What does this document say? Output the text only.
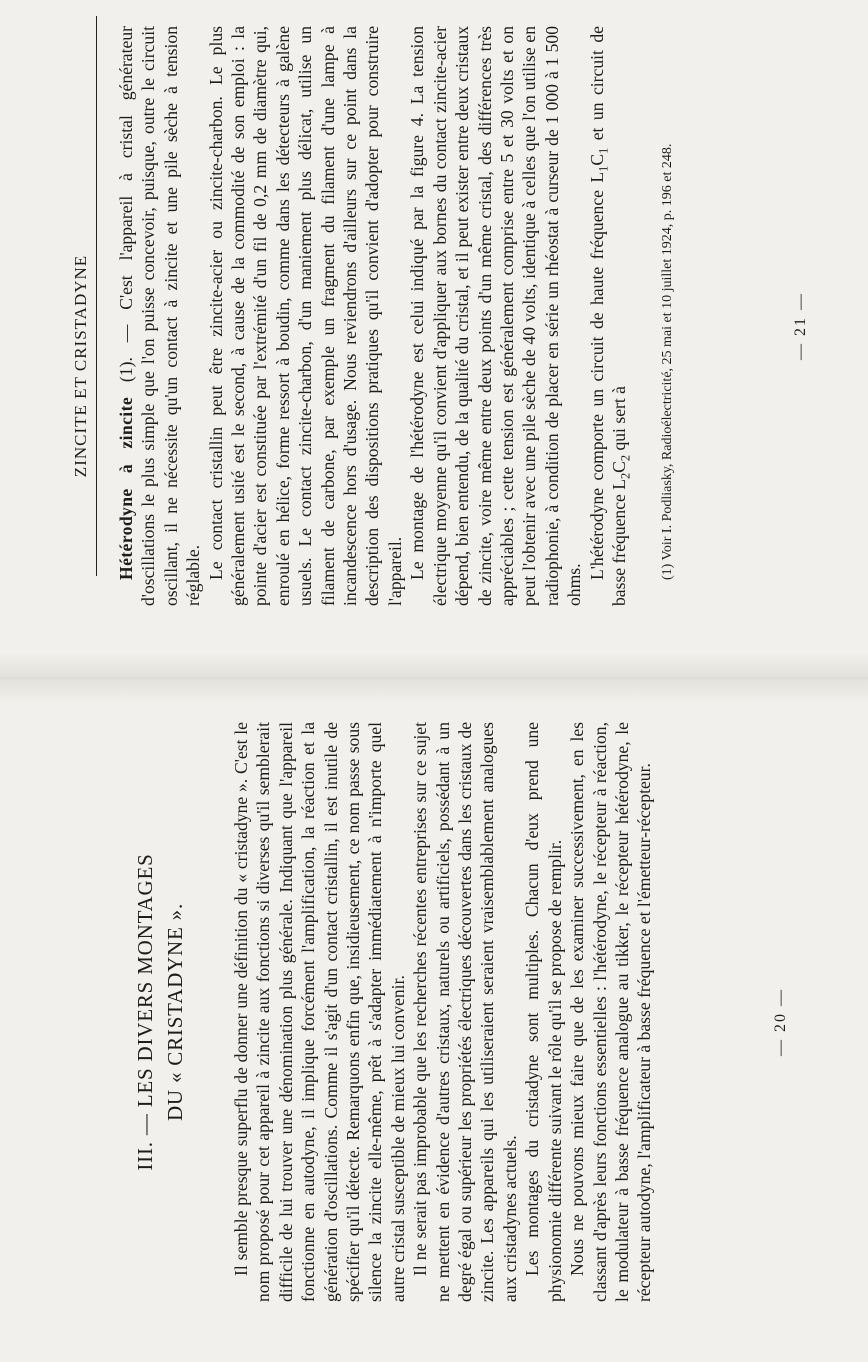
ZINCITE ET CRISTADYNE

Hétérodyne à zincite (1). — C'est l'appareil à cristal générateur d'oscillations le plus simple que l'on puisse concevoir, puisque, outre le circuit oscillant, il ne nécessite qu'un contact à zincite et une pile sèche à tension réglable. Le contact cristallin peut être zincite-acier ou zincite-charbon. Le plus généralement usité est le second, à cause de la commodité de son emploi : la pointe d'acier est constituée par l'extrémité d'un fil de 0,2 mm de diamètre qui, enroulé en hélice, forme ressort à boudin, comme dans les détecteurs à galène usuels. Le contact zincite-charbon, d'un maniement plus délicat, utilise un filament de carbone, par exemple un fragment du filament d'une lampe à incandescence hors d'usage. Nous reviendrons d'ailleurs sur ce point dans la description des dispositions pratiques qu'il convient d'adopter pour construire l'appareil. Le montage de l'hétérodyne est celui indiqué par la figure 4. La tension électrique moyenne qu'il convient d'appliquer aux bornes du contact zincite-acier dépend, bien entendu, de la qualité du cristal, et il peut exister entre deux cristaux de zincite, voire même entre deux points d'un même cristal, des différences très appréciables ; cette tension est généralement comprise entre 5 et 30 volts et on peut l'obtenir avec une pile sèche de 40 volts, identique à celles que l'on utilise en radiophonie, à condition de placer en série un rhéostat à curseur de 1 000 à 1 500 ohms.

L'hétérodyne comporte un circuit de haute fréquence $L_1C_1$ et un circuit de basse fréquence $L_2C_2$ qui sert à (1) Voir I. Podliasky, Radioélectricité, 25 mai et 10 juillet 1924, p. 196 et 248.	— 21 —
III. — LES DIVERS MONTAGES DU « CRISTADYNE ».	Il semble presque superflu de donner une définition du « cristadyne ». C'est le nom proposé pour cet appareil à zincite aux fonctions si diverses qu'il semblerait difficile de lui trouver une dénomination plus générale. Indiquant que l'appareil fonctionne en autodyne, il implique forcément l'amplification, la réaction et la génération d'oscillations. Comme il s'agit d'un contact cristallin, il est inutile de spécifier qu'il détecte. Remarquons enfin que, insidieusement, ce nom passe sous silence la zincite elle-même, prêt à s'adapter immédiatement à n'importe quel autre cristal susceptible de mieux lui convenir. Il ne serait pas improbable que les recherches récentes entreprises sur ce sujet ne mettent en évidence d'autres cristaux, naturels ou artificiels, possédant à un degré égal ou supérieur les propriétés électriques découvertes dans les cristaux de zincite. Les appareils qui les utiliseraient seraient vraisemblablement analogues aux cristadynes actuels. Les montages du cristadyne sont multiples. Chacun d'eux prend une physionomie différente suivant le rôle qu'il se propose de remplir. Nous ne pouvons mieux faire que de les examiner successivement, en les classant d'après leurs fonctions essentielles : l'hétérodyne, le récepteur à réaction, le modulateur à basse fréquence analogue au tikker, le récepteur hétérodyne, le récepteur autodyne, l'amplificateur à basse fréquence et l'émetteur-récepteur.	— 20 —
